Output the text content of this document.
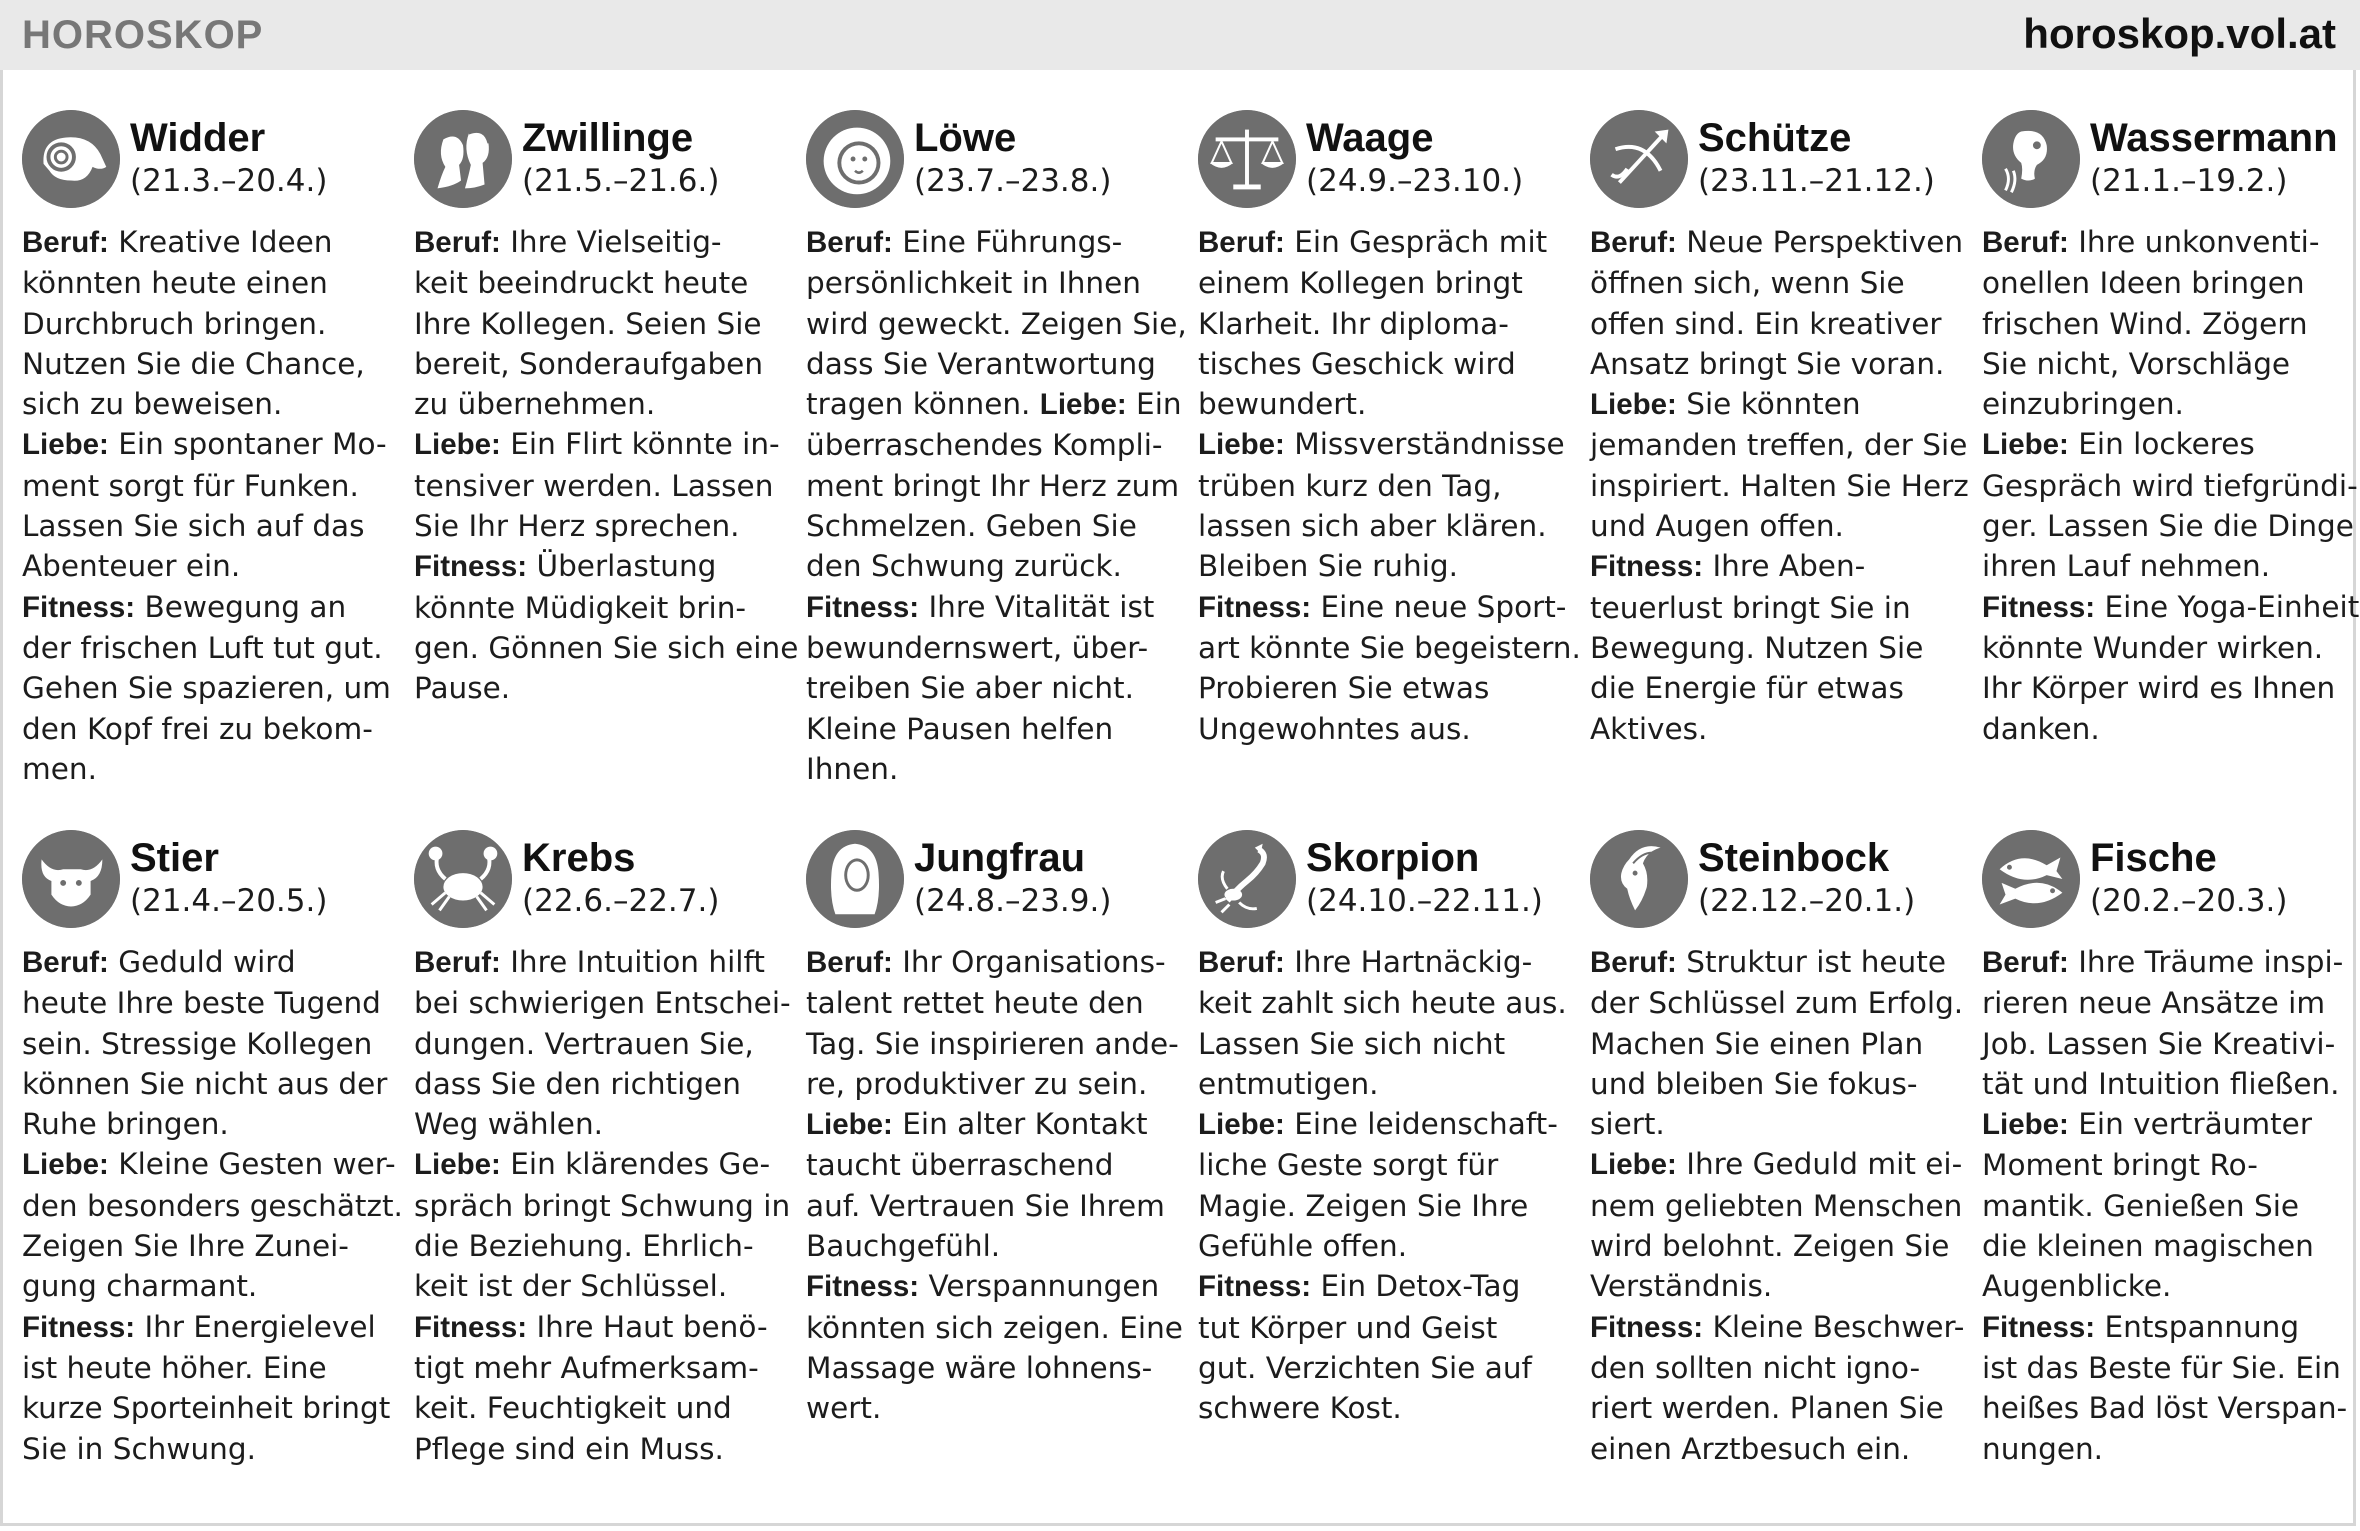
HOROSKOP	horoskop.vol.at
Widder
(21.3.–20.4.)
Beruf: Kreative Ideen
könnten heute einen
Durchbruch bringen.
Nutzen Sie die Chance,
sich zu beweisen.
Liebe: Ein spontaner Mo-
ment sorgt für Funken.
Lassen Sie sich auf das
Abenteuer ein.
Fitness: Bewegung an
der frischen Luft tut gut.
Gehen Sie spazieren, um
den Kopf frei zu bekom-
men.
Zwillinge
(21.5.–21.6.)
Beruf: Ihre Vielseitig-
keit beeindruckt heute
Ihre Kollegen. Seien Sie
bereit, Sonderaufgaben
zu übernehmen.
Liebe: Ein Flirt könnte in-
tensiver werden. Lassen
Sie Ihr Herz sprechen.
Fitness: Überlastung
könnte Müdigkeit brin-
gen. Gönnen Sie sich eine
Pause.
Löwe
(23.7.–23.8.)
Beruf: Eine Führungs-
persönlichkeit in Ihnen
wird geweckt. Zeigen Sie,
dass Sie Verantwortung
tragen können. Liebe: Ein
überraschendes Kompli-
ment bringt Ihr Herz zum
Schmelzen. Geben Sie
den Schwung zurück.
Fitness: Ihre Vitalität ist
bewundernswert, über-
treiben Sie aber nicht.
Kleine Pausen helfen
Ihnen.
Waage
(24.9.–23.10.)
Beruf: Ein Gespräch mit
einem Kollegen bringt
Klarheit. Ihr diploma-
tisches Geschick wird
bewundert.
Liebe: Missverständnisse
trüben kurz den Tag,
lassen sich aber klären.
Bleiben Sie ruhig.
Fitness: Eine neue Sport-
art könnte Sie begeistern.
Probieren Sie etwas
Ungewohntes aus.
Schütze
(23.11.–21.12.)
Beruf: Neue Perspektiven
öffnen sich, wenn Sie
offen sind. Ein kreativer
Ansatz bringt Sie voran.
Liebe: Sie könnten
jemanden treffen, der Sie
inspiriert. Halten Sie Herz
und Augen offen.
Fitness: Ihre Aben-
teuerlust bringt Sie in
Bewegung. Nutzen Sie
die Energie für etwas
Aktives.
Wassermann
(21.1.–19.2.)
Beruf: Ihre unkonventi-
onellen Ideen bringen
frischen Wind. Zögern
Sie nicht, Vorschläge
einzubringen.
Liebe: Ein lockeres
Gespräch wird tiefgründi-
ger. Lassen Sie die Dinge
ihren Lauf nehmen.
Fitness: Eine Yoga-Einheit
könnte Wunder wirken.
Ihr Körper wird es Ihnen
danken.
Stier
(21.4.–20.5.)
Beruf: Geduld wird
heute Ihre beste Tugend
sein. Stressige Kollegen
können Sie nicht aus der
Ruhe bringen.
Liebe: Kleine Gesten wer-
den besonders geschätzt.
Zeigen Sie Ihre Zunei-
gung charmant.
Fitness: Ihr Energielevel
ist heute höher. Eine
kurze Sporteinheit bringt
Sie in Schwung.
Krebs
(22.6.–22.7.)
Beruf: Ihre Intuition hilft
bei schwierigen Entschei-
dungen. Vertrauen Sie,
dass Sie den richtigen
Weg wählen.
Liebe: Ein klärendes Ge-
spräch bringt Schwung in
die Beziehung. Ehrlich-
keit ist der Schlüssel.
Fitness: Ihre Haut benö-
tigt mehr Aufmerksam-
keit. Feuchtigkeit und
Pflege sind ein Muss.
Jungfrau
(24.8.–23.9.)
Beruf: Ihr Organisations-
talent rettet heute den
Tag. Sie inspirieren ande-
re, produktiver zu sein.
Liebe: Ein alter Kontakt
taucht überraschend
auf. Vertrauen Sie Ihrem
Bauchgefühl.
Fitness: Verspannungen
könnten sich zeigen. Eine
Massage wäre lohnens-
wert.
Skorpion
(24.10.–22.11.)
Beruf: Ihre Hartnäckig-
keit zahlt sich heute aus.
Lassen Sie sich nicht
entmutigen.
Liebe: Eine leidenschaft-
liche Geste sorgt für
Magie. Zeigen Sie Ihre
Gefühle offen.
Fitness: Ein Detox-Tag
tut Körper und Geist
gut. Verzichten Sie auf
schwere Kost.
Steinbock
(22.12.–20.1.)
Beruf: Struktur ist heute
der Schlüssel zum Erfolg.
Machen Sie einen Plan
und bleiben Sie fokus-
siert.
Liebe: Ihre Geduld mit ei-
nem geliebten Menschen
wird belohnt. Zeigen Sie
Verständnis.
Fitness: Kleine Beschwer-
den sollten nicht igno-
riert werden. Planen Sie
einen Arztbesuch ein.
Fische
(20.2.–20.3.)
Beruf: Ihre Träume inspi-
rieren neue Ansätze im
Job. Lassen Sie Kreativi-
tät und Intuition fließen.
Liebe: Ein verträumter
Moment bringt Ro-
mantik. Genießen Sie
die kleinen magischen
Augenblicke.
Fitness: Entspannung
ist das Beste für Sie. Ein
heißes Bad löst Verspan-
nungen.
